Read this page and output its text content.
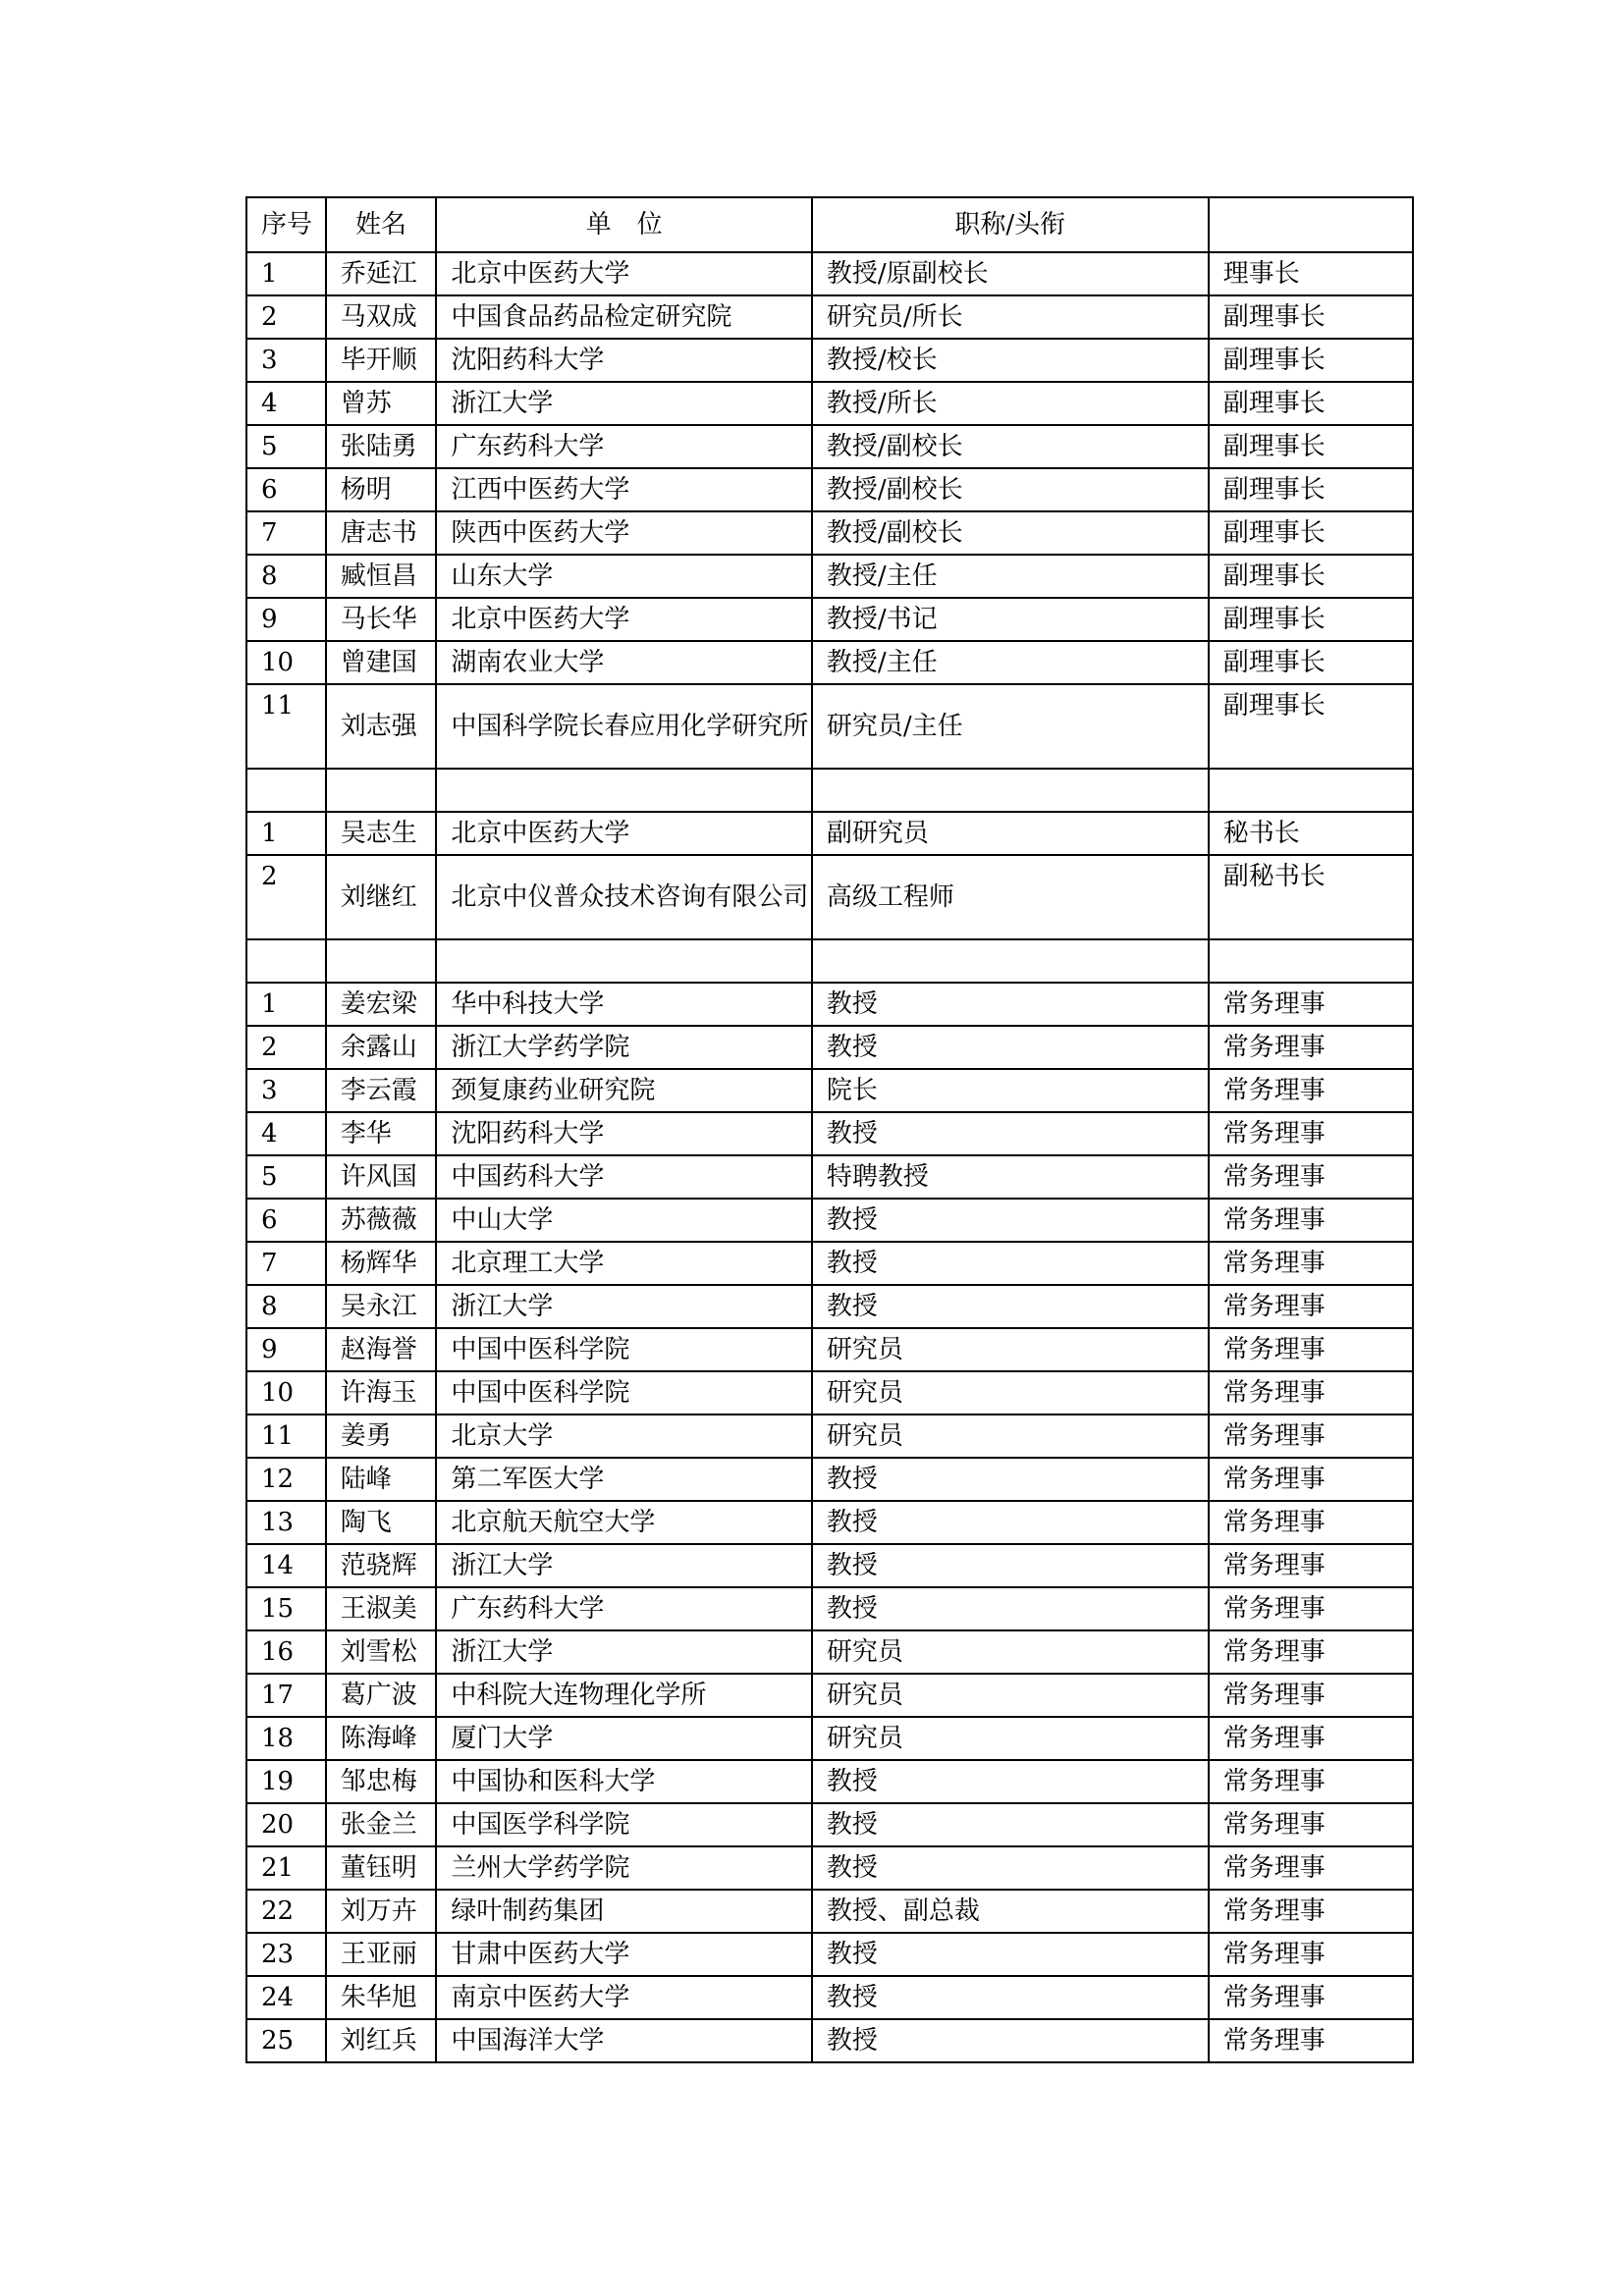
序号	姓名	单　位	职称/头衔	
1	乔延江	北京中医药大学	教授/原副校长	理事长
2	马双成	中国食品药品检定研究院	研究员/所长	副理事长
3	毕开顺	沈阳药科大学	教授/校长	副理事长
4	曾苏	浙江大学	教授/所长	副理事长
5	张陆勇	广东药科大学	教授/副校长	副理事长
6	杨明	江西中医药大学	教授/副校长	副理事长
7	唐志书	陕西中医药大学	教授/副校长	副理事长
8	臧恒昌	山东大学	教授/主任	副理事长
9	马长华	北京中医药大学	教授/书记	副理事长
10	曾建国	湖南农业大学	教授/主任	副理事长
11	刘志强	中国科学院长春应用化学研究所	研究员/主任	副理事长

1	吴志生	北京中医药大学	副研究员	秘书长
2	刘继红	北京中仪普众技术咨询有限公司	高级工程师	副秘书长

1	姜宏梁	华中科技大学	教授	常务理事
2	余露山	浙江大学药学院	教授	常务理事
3	李云霞	颈复康药业研究院	院长	常务理事
4	李华	沈阳药科大学	教授	常务理事
5	许风国	中国药科大学	特聘教授	常务理事
6	苏薇薇	中山大学	教授	常务理事
7	杨辉华	北京理工大学	教授	常务理事
8	吴永江	浙江大学	教授	常务理事
9	赵海誉	中国中医科学院	研究员	常务理事
10	许海玉	中国中医科学院	研究员	常务理事
11	姜勇	北京大学	研究员	常务理事
12	陆峰	第二军医大学	教授	常务理事
13	陶飞	北京航天航空大学	教授	常务理事
14	范骁辉	浙江大学	教授	常务理事
15	王淑美	广东药科大学	教授	常务理事
16	刘雪松	浙江大学	研究员	常务理事
17	葛广波	中科院大连物理化学所	研究员	常务理事
18	陈海峰	厦门大学	研究员	常务理事
19	邹忠梅	中国协和医科大学	教授	常务理事
20	张金兰	中国医学科学院	教授	常务理事
21	董钰明	兰州大学药学院	教授	常务理事
22	刘万卉	绿叶制药集团	教授、副总裁	常务理事
23	王亚丽	甘肃中医药大学	教授	常务理事
24	朱华旭	南京中医药大学	教授	常务理事
25	刘红兵	中国海洋大学	教授	常务理事
